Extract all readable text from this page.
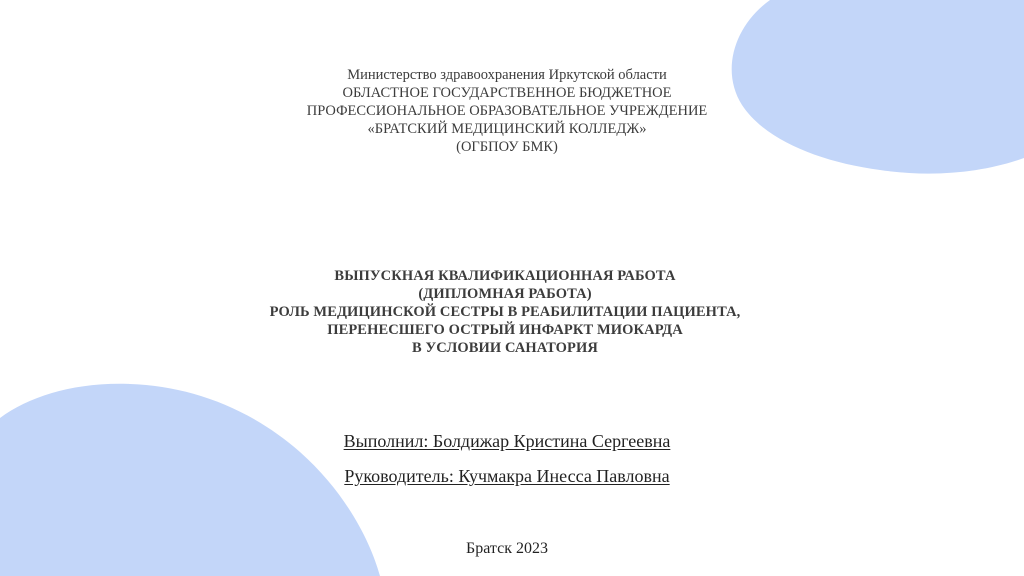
Министерство здравоохранения Иркутской области
ОБЛАСТНОЕ ГОСУДАРСТВЕННОЕ БЮДЖЕТНОЕ
ПРОФЕССИОНАЛЬНОЕ ОБРАЗОВАТЕЛЬНОЕ УЧРЕЖДЕНИЕ
«БРАТСКИЙ МЕДИЦИНСКИЙ КОЛЛЕДЖ»
(ОГБПОУ БМК)
ВЫПУСКНАЯ КВАЛИФИКАЦИОННАЯ РАБОТА
(ДИПЛОМНАЯ РАБОТА)
РОЛЬ МЕДИЦИНСКОЙ СЕСТРЫ В РЕАБИЛИТАЦИИ ПАЦИЕНТА,
ПЕРЕНЕСШЕГО ОСТРЫЙ ИНФАРКТ МИОКАРДА
В УСЛОВИИ САНАТОРИЯ
Выполнил: Болдижар Кристина Сергеевна
Руководитель: Кучмакра Инесса Павловна
Братск 2023
